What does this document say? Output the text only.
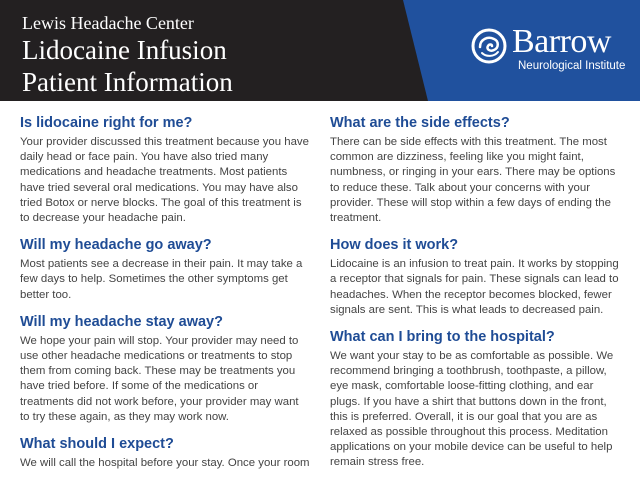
Lewis Headache Center
Lidocaine Infusion
Patient Information
Barrow
Neurological Institute
Is lidocaine right for me?

Your provider discussed this treatment because you have daily head or face pain. You have also tried many medications and headache treatments. Most patients have tried several oral medications. You may have also tried Botox or nerve blocks. The goal of this treatment is to decrease your headache pain.

Will my headache go away?

Most patients see a decrease in their pain. It may take a few days to help. Sometimes the other symptoms get better too.

Will my headache stay away?

We hope your pain will stop. Your provider may need to use other headache medications or treatments to stop them from coming back. These may be treatments you have tried before. If some of the medications or treatments did not work before, your provider may want to try these again, as they may work now.

What should I expect?

We will call the hospital before your stay. Once your room

What are the side effects?

There can be side effects with this treatment. The most common are dizziness, feeling like you might faint, numbness, or ringing in your ears. There may be options to reduce these. Talk about your concerns with your provider. These will stop within a few days of ending the treatment.

How does it work?

Lidocaine is an infusion to treat pain. It works by stopping a receptor that signals for pain. These signals can lead to headaches. When the receptor becomes blocked, fewer signals are sent. This is what leads to decreased pain.

What can I bring to the hospital?

We want your stay to be as comfortable as possible. We recommend bringing a toothbrush, toothpaste, a pillow, eye mask, comfortable loose-fitting clothing, and ear plugs. If you have a shirt that buttons down in the front, this is preferred. Overall, it is our goal that you are as relaxed as possible throughout this process. Meditation applications on your mobile device can be useful to help remain stress free.
